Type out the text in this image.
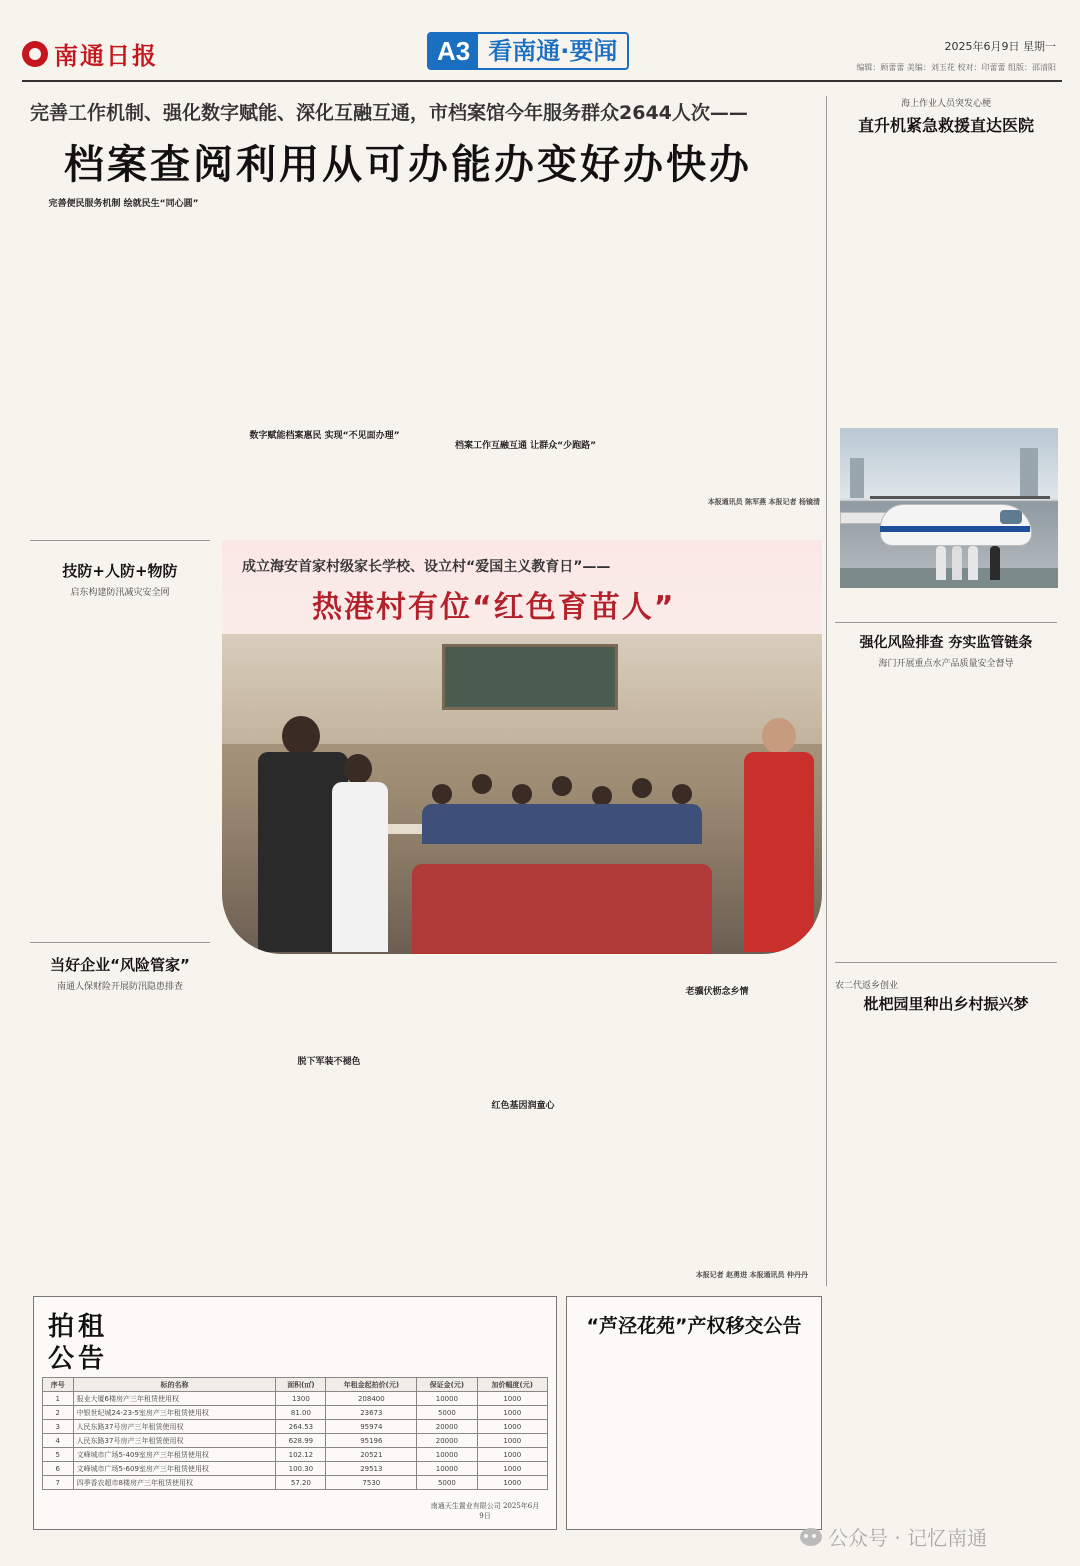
南通日报	A3 看南通·要闻	2025年6月9日 星期一
编辑：顾蕾蕾 美编：刘玉花 校对：印蕾蕾 组版：邵清阳
完善工作机制、强化数字赋能、深化互融互通，市档案馆今年服务群众2644人次——
档案查阅利用从可办能办变好办快办
完善便民服务机制 绘就民生“同心圆”
数字赋能档案惠民 实现“不见面办理”
档案工作互融互通 让群众“少跑路”
本报通讯员 陈军燕 本报记者 杨镜清
海上作业人员突发心梗
直升机紧急救援直达医院
强化风险排查 夯实监管链条
海门开展重点水产品质量安全督导
农二代返乡创业
枇杷园里种出乡村振兴梦
技防+人防+物防
启东构建防汛减灾安全网
当好企业“风险管家”
南通人保财险开展防汛隐患排查
成立海安首家村级家长学校、设立村“爱国主义教育日”——
热港村有位“红色育苗人”
脱下军装不褪色
红色基因润童心
老骥伏枥念乡情
本报记者 赵勇进 本报通讯员 仲丹丹
拍租公告
序号	标的名称	面积(㎡)	年租金起拍价(元)	保证金(元)	加价幅度(元)
1	报业大厦6楼房产三年租赁使用权	1300	208400	10000	1000
2	中银世纪城24-23-5室房产三年租赁使用权	81.00	23673	5000	1000
3	人民东路37号房产三年租赁使用权	264.53	95974	20000	1000
4	人民东路37号房产三年租赁使用权	628.99	95196	20000	1000
5	文峰城市广场5-409室房产三年租赁使用权	102.12	20521	10000	1000
6	文峰城市广场5-609室房产三年租赁使用权	100.30	29513	10000	1000
7	四季香农超市8楼房产三年租赁使用权	57.20	7530	5000	1000
南通天生置业有限公司 2025年6月9日
“芦泾花苑”产权移交公告
公众号 · 记忆南通
